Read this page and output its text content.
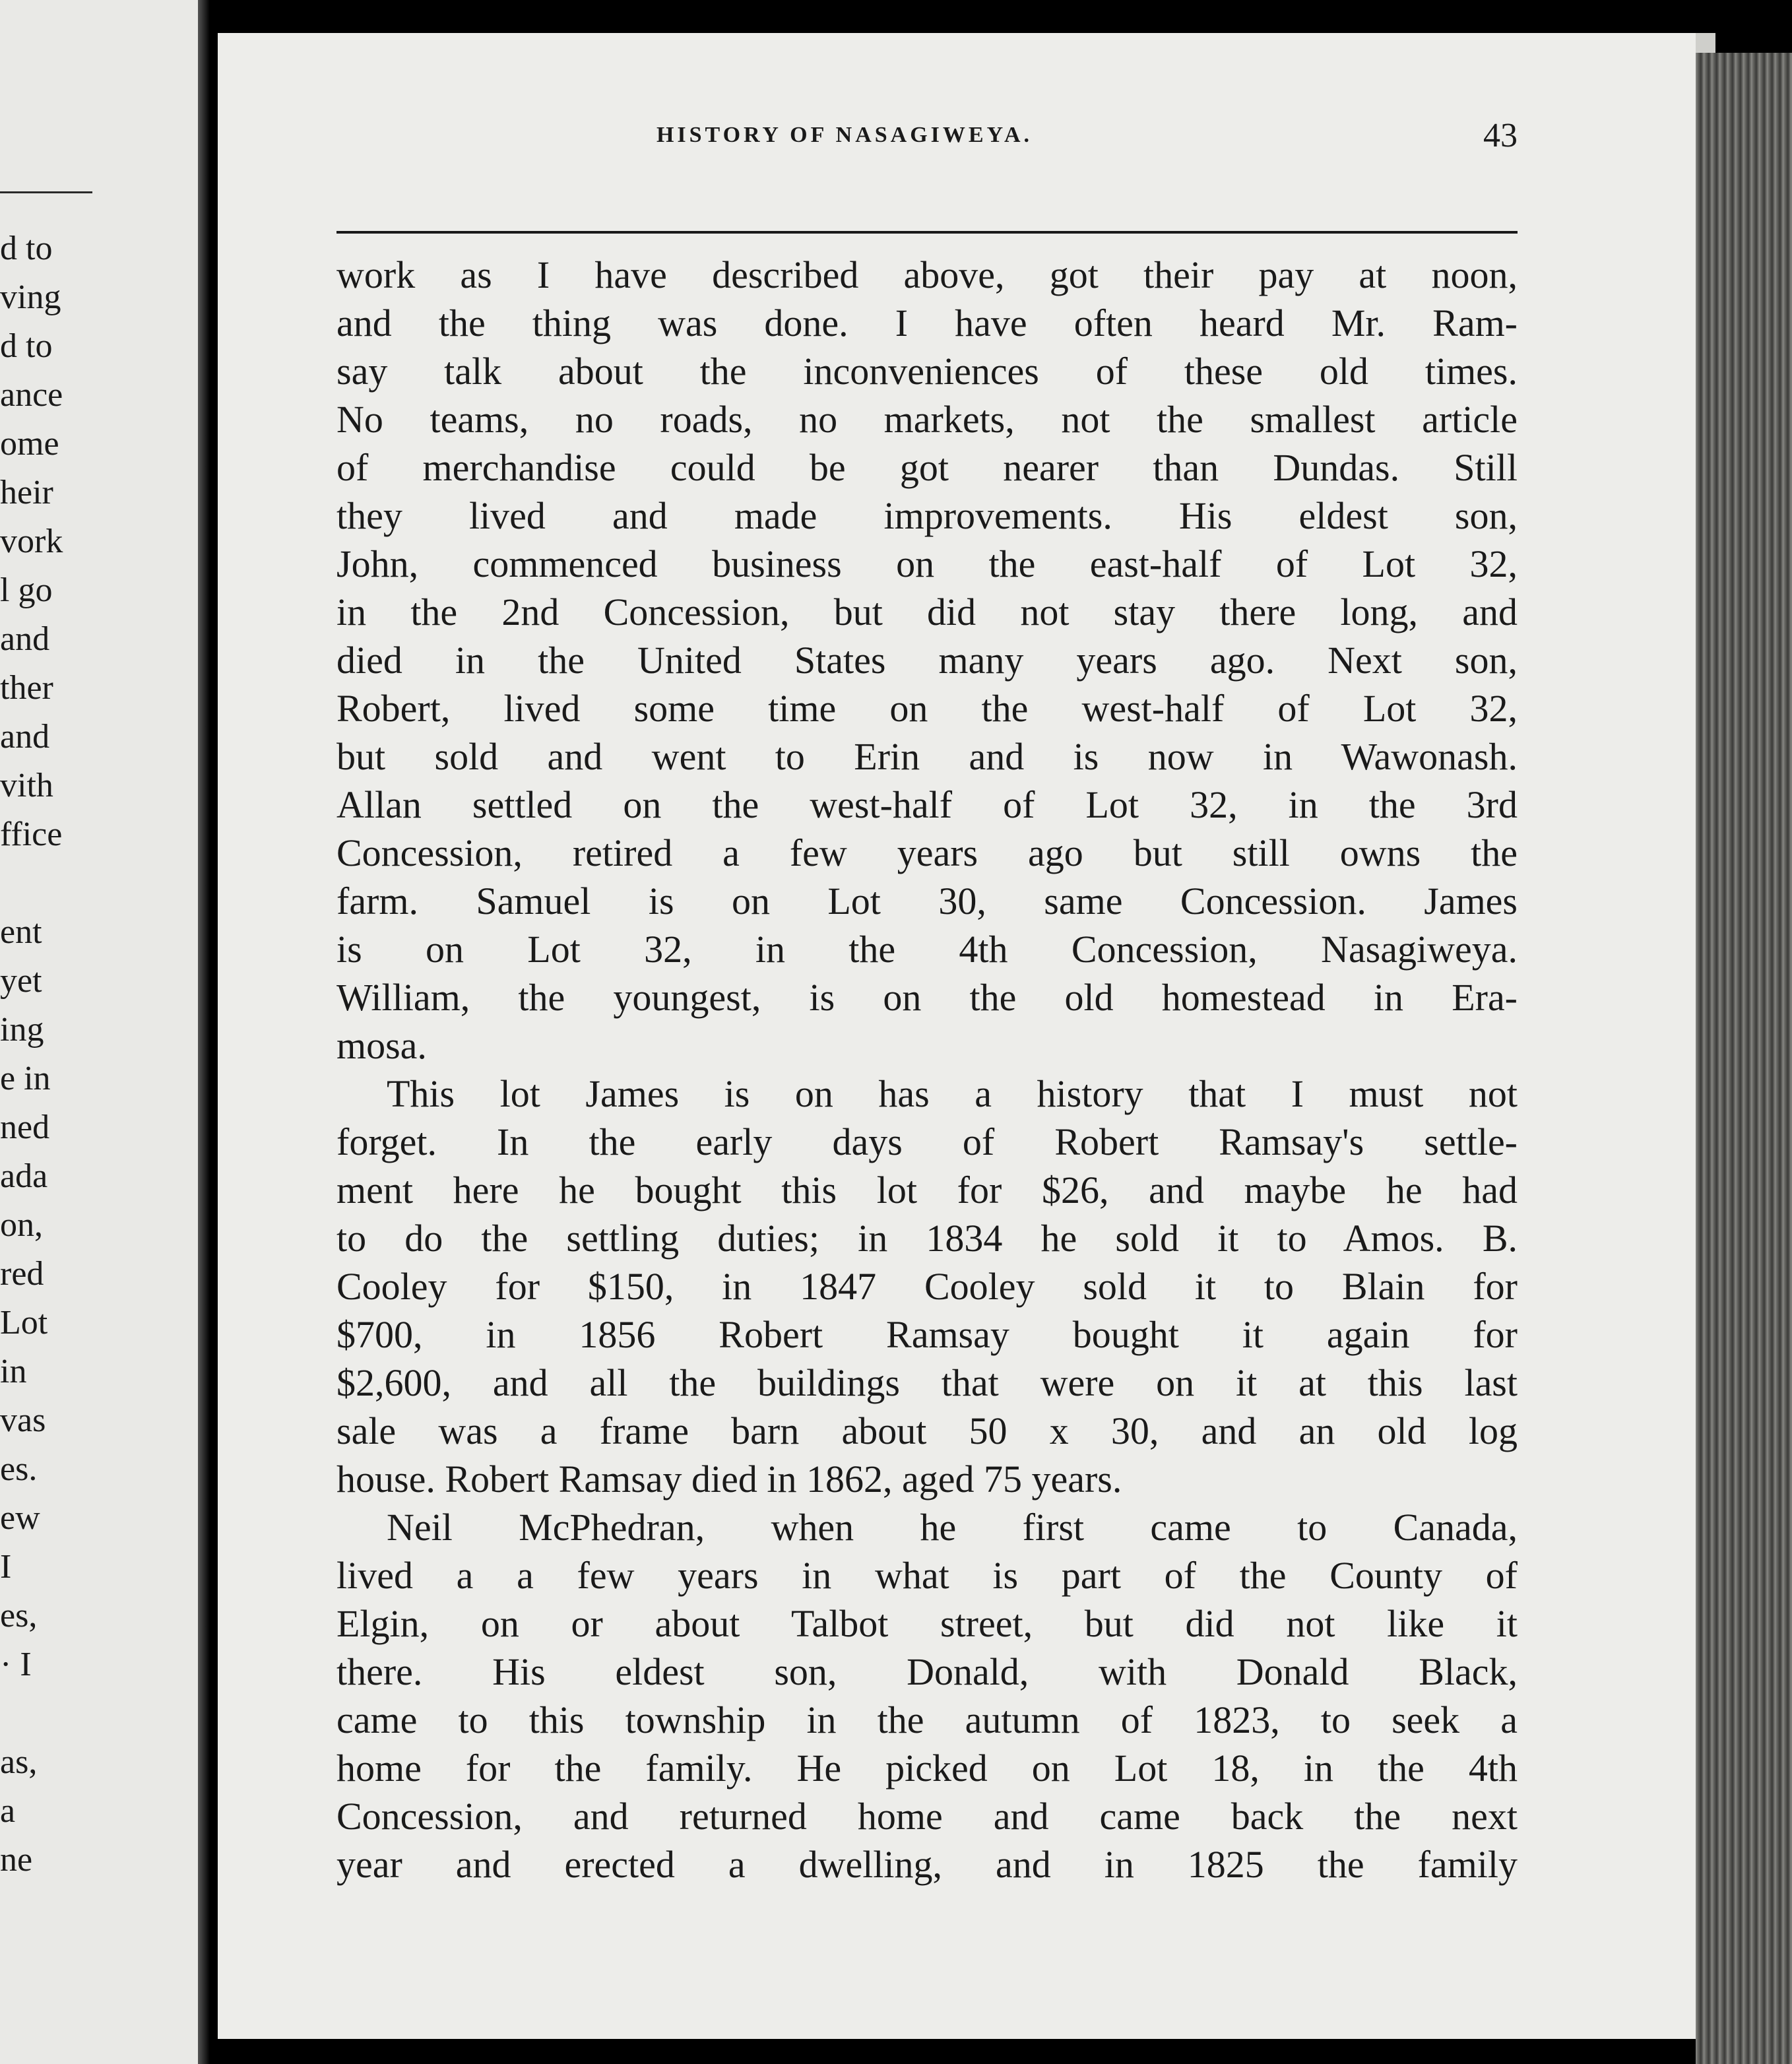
d to
ving
d to
ance
ome
heir
vork
l go
and
ther
and
vith
ffice
ent
yet
ing
e in
ned
ada
on,
red
Lot
in
vas
es.
ew
I
es,
· I
as,
a
ne
HISTORY OF NASAGIWEYA.	43
work as I have described above, got their pay at noon,
and the thing was done. I have often heard Mr. Ram-
say talk about the inconveniences of these old times.
No teams, no roads, no markets, not the smallest article
of merchandise could be got nearer than Dundas. Still
they lived and made improvements. His eldest son,
John, commenced business on the east-half of Lot 32,
in the 2nd Concession, but did not stay there long, and
died in the United States many years ago. Next son,
Robert, lived some time on the west-half of Lot 32,
but sold and went to Erin and is now in Wawonash.
Allan settled on the west-half of Lot 32, in the 3rd
Concession, retired a few years ago but still owns the
farm. Samuel is on Lot 30, same Concession. James
is on Lot 32, in the 4th Concession, Nasagiweya.
William, the youngest, is on the old homestead in Era-
mosa.
This lot James is on has a history that I must not
forget. In the early days of Robert Ramsay's settle-
ment here he bought this lot for $26, and maybe he had
to do the settling duties; in 1834 he sold it to Amos. B.
Cooley for $150, in 1847 Cooley sold it to Blain for
$700, in 1856 Robert Ramsay bought it again for
$2,600, and all the buildings that were on it at this last
sale was a frame barn about 50 x 30, and an old log
house. Robert Ramsay died in 1862, aged 75 years.
Neil McPhedran, when he first came to Canada,
lived a a few years in what is part of the County of
Elgin, on or about Talbot street, but did not like it
there. His eldest son, Donald, with Donald Black,
came to this township in the autumn of 1823, to seek a
home for the family. He picked on Lot 18, in the 4th
Concession, and returned home and came back the next
year and erected a dwelling, and in 1825 the family
